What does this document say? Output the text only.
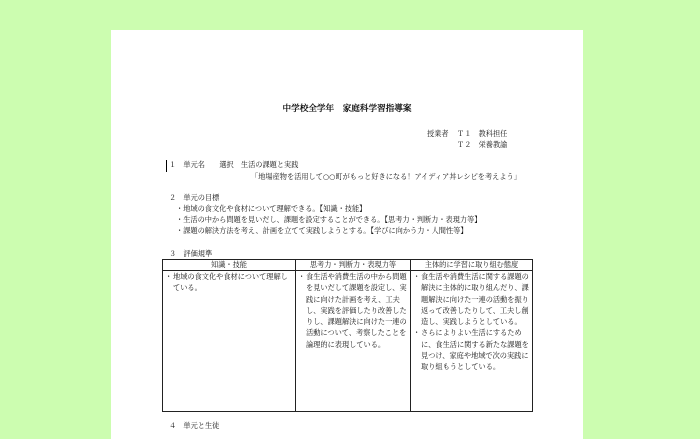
中学校全学年　家庭科学習指導案
授業者 Ｔ１　教科担任
Ｔ２　栄養教諭
１　単元名　　選択　生活の課題と実践
「地場産物を活用して○○町がもっと好きになる！アイディア丼レシピを考えよう」
２　単元の目標
・地域の食文化や食材について理解できる。【知識・技能】
・生活の中から問題を見いだし、課題を設定することができる。【思考力・判断力・表現力等】
・課題の解決方法を考え、計画を立てて実践しようとする。【学びに向かう力・人間性等】
３　評価規準
知識・技能	思考力・判断力・表現力等	主体的に学習に取り組む態度

・ 地域の食文化や食材について理解している。	・ 食生活や消費生活の中から問題を見いだして課題を設定し、実践に向けた計画を考え、工夫し、実践を評価したり改善したりし、課題解決に向けた一連の活動について、考察したことを論理的に表現している。	・ 食生活や消費生活に関する課題の解決に主体的に取り組んだり、課題解決に向けた一連の活動を振り返って改善したりして、工夫し創造し、実践しようとしている。
・ さらによりよい生活にするために、食生活に関する新たな課題を見つけ、家庭や地域で次の実践に取り組もうとしている。
４　単元と生徒
